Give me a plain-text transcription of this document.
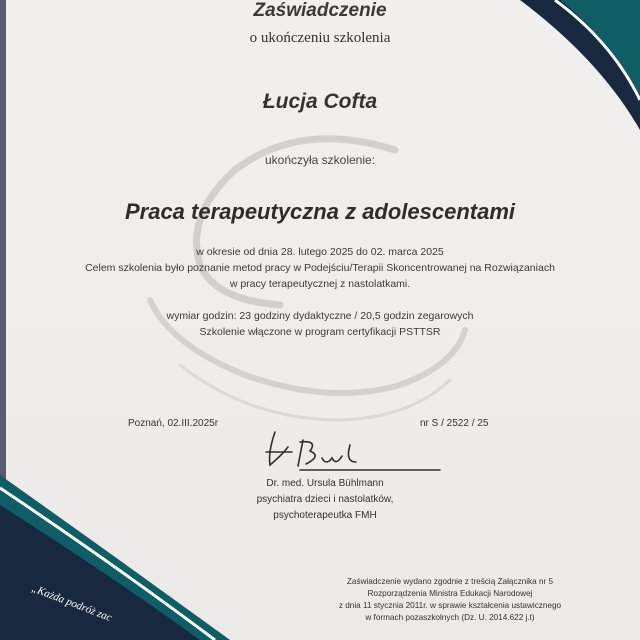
Zaświadczenie
o ukończeniu szkolenia
Łucja Cofta
ukończyła szkolenie:
Praca terapeutyczna z adolescentami
w okresie od dnia 28. lutego 2025 do 02. marca 2025
Celem szkolenia było poznanie metod pracy w Podejściu/Terapii Skoncentrowanej na Rozwiązaniach
w pracy terapeutycznej z nastolatkami.
wymiar godzin: 23 godziny dydaktyczne / 20,5 godzin zegarowych
Szkolenie włączone w program certyfikacji PSTTSR
Poznań, 02.III.2025r	nr S / 2522 / 25
Dr. med. Ursula Bühlmann
psychiatra dzieci i nastolatków,
psychoterapeutka FMH
Zaświadczenie wydano zgodnie z treścią Załącznika nr 5
Rozporządzenia Ministra Edukacji Narodowej
z dnia 11 stycznia 2011r. w sprawie kształcenia ustawicznego
w formach pozaszkolnych (Dz. U. 2014.622 j.t)
„Każda podróż zac
